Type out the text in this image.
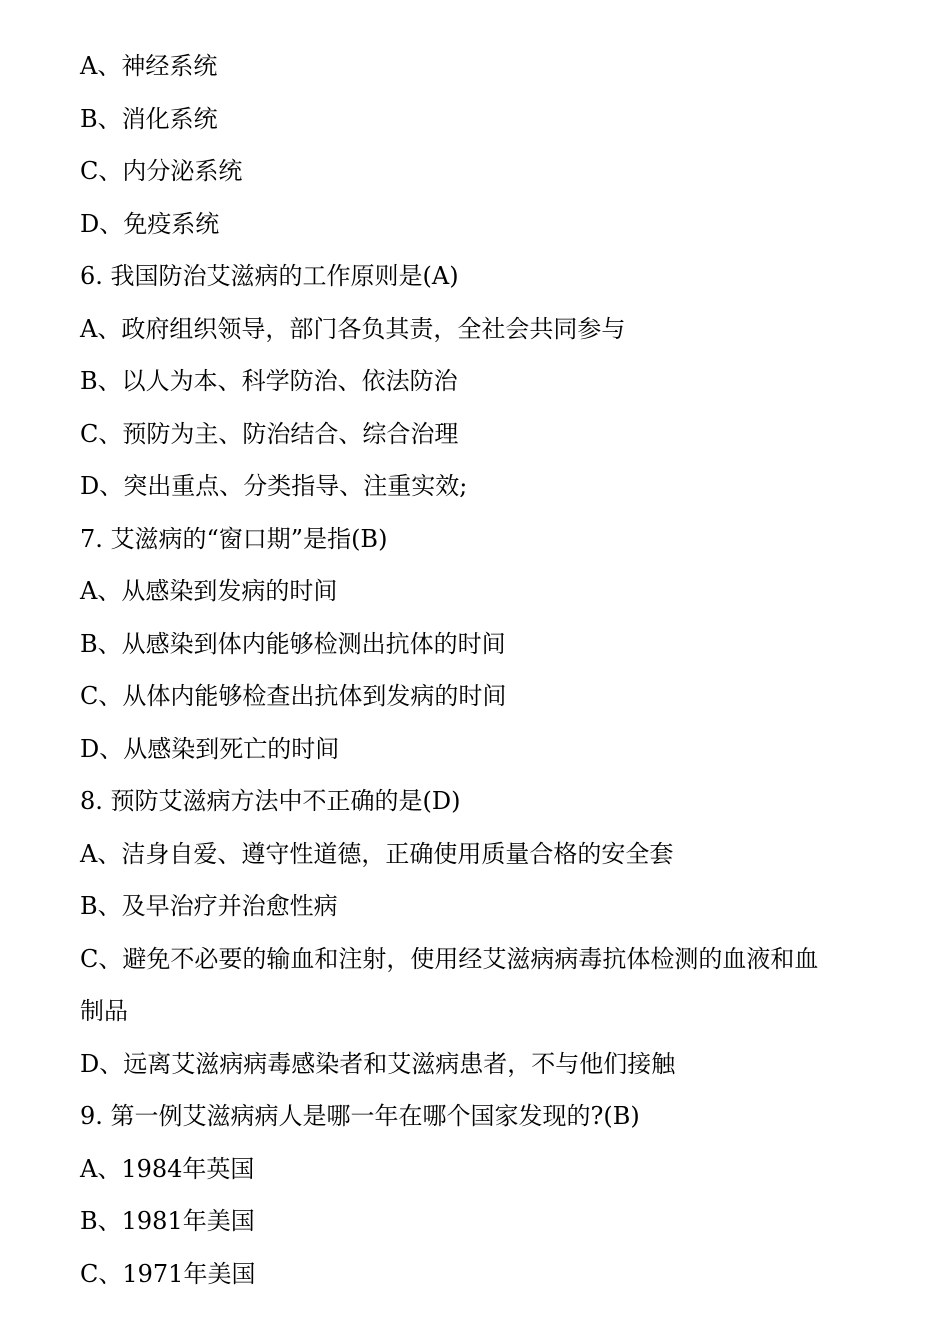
A、神经系统
B、消化系统
C、内分泌系统
D、免疫系统
6. 我国防治艾滋病的工作原则是(A)
A、政府组织领导，部门各负其责，全社会共同参与
B、以人为本、科学防治、依法防治
C、预防为主、防治结合、综合治理
D、突出重点、分类指导、注重实效;
7. 艾滋病的“窗口期”是指(B)
A、从感染到发病的时间
B、从感染到体内能够检测出抗体的时间
C、从体内能够检查出抗体到发病的时间
D、从感染到死亡的时间
8. 预防艾滋病方法中不正确的是(D)
A、洁身自爱、遵守性道德，正确使用质量合格的安全套
B、及早治疗并治愈性病
C、避免不必要的输血和注射，使用经艾滋病病毒抗体检测的血液和血
制品
D、远离艾滋病病毒感染者和艾滋病患者，不与他们接触
9. 第一例艾滋病病人是哪一年在哪个国家发现的?(B)
A、1984年英国
B、1981年美国
C、1971年美国
